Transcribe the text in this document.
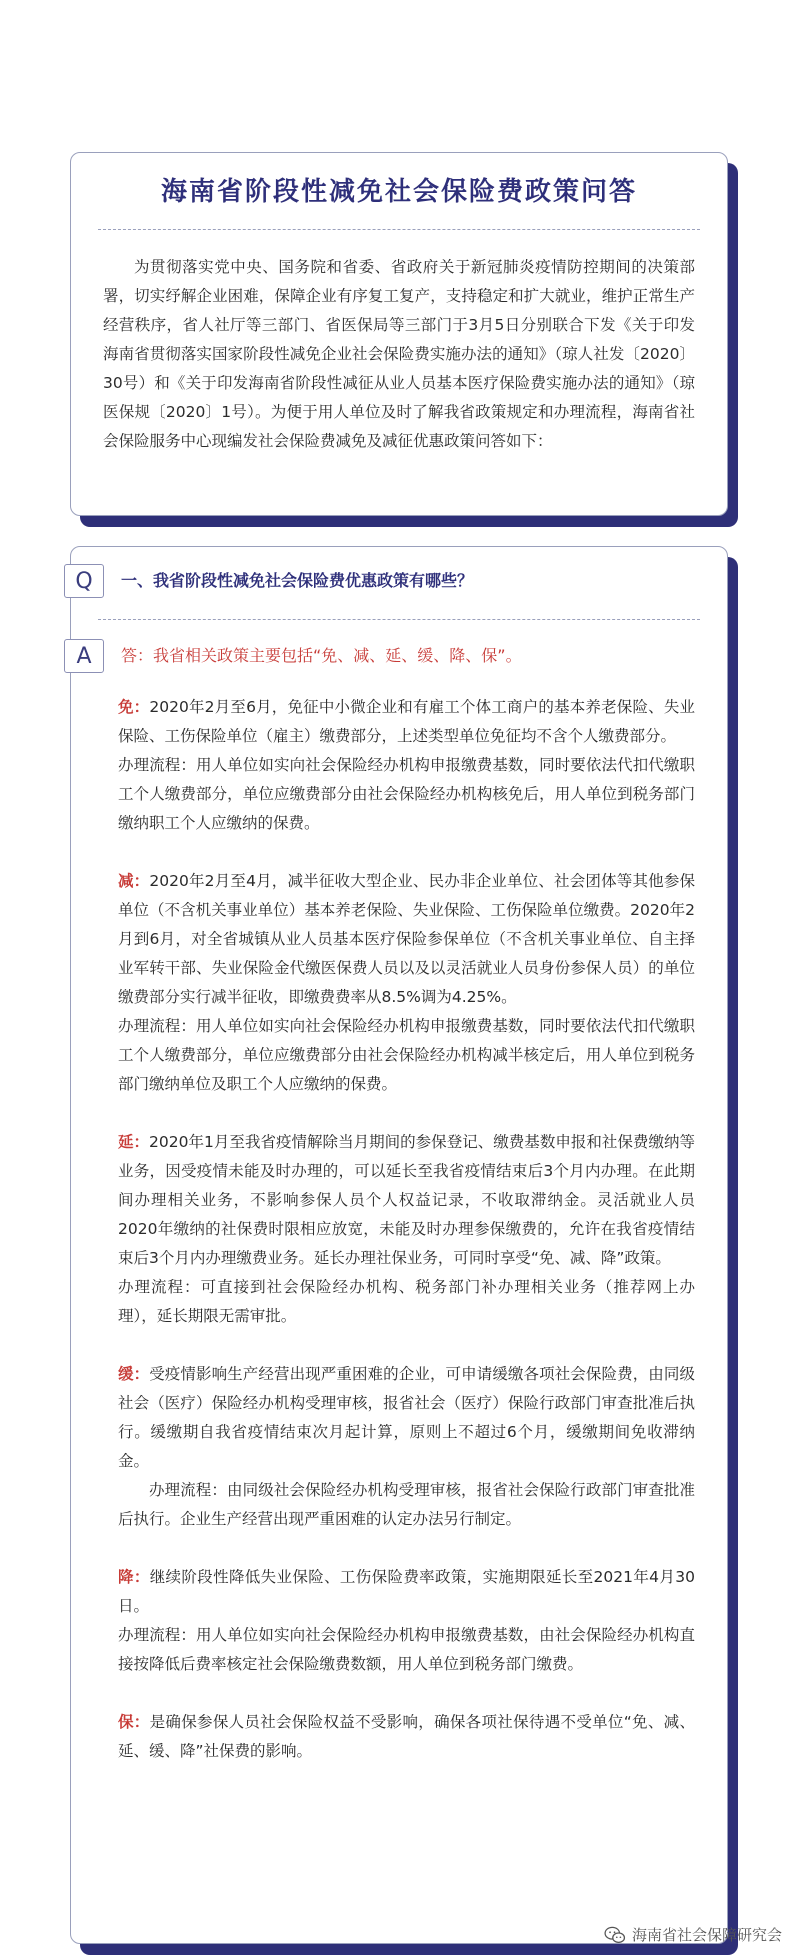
海南省阶段性减免社会保险费政策问答
为贯彻落实党中央、国务院和省委、省政府关于新冠肺炎疫情防控期间的决策部署，切实纾解企业困难，保障企业有序复工复产，支持稳定和扩大就业，维护正常生产经营秩序，省人社厅等三部门、省医保局等三部门于3月5日分别联合下发《关于印发海南省贯彻落实国家阶段性减免企业社会保险费实施办法的通知》（琼人社发〔2020〕30号）和《关于印发海南省阶段性减征从业人员基本医疗保险费实施办法的通知》（琼医保规〔2020〕1号）。为便于用人单位及时了解我省政策规定和办理流程，海南省社会保险服务中心现编发社会保险费减免及减征优惠政策问答如下：
Q	一、我省阶段性减免社会保险费优惠政策有哪些？
A	答：我省相关政策主要包括“免、减、延、缓、降、保”。

免：2020年2月至6月，免征中小微企业和有雇工个体工商户的基本养老保险、失业保险、工伤保险单位（雇主）缴费部分，上述类型单位免征均不含个人缴费部分。

办理流程：用人单位如实向社会保险经办机构申报缴费基数，同时要依法代扣代缴职工个人缴费部分，单位应缴费部分由社会保险经办机构核免后，用人单位到税务部门缴纳职工个人应缴纳的保费。

减：2020年2月至4月，减半征收大型企业、民办非企业单位、社会团体等其他参保单位（不含机关事业单位）基本养老保险、失业保险、工伤保险单位缴费。2020年2月到6月，对全省城镇从业人员基本医疗保险参保单位（不含机关事业单位、自主择业军转干部、失业保险金代缴医保费人员以及以灵活就业人员身份参保人员）的单位缴费部分实行减半征收，即缴费费率从8.5%调为4.25%。

办理流程：用人单位如实向社会保险经办机构申报缴费基数，同时要依法代扣代缴职工个人缴费部分，单位应缴费部分由社会保险经办机构减半核定后，用人单位到税务部门缴纳单位及职工个人应缴纳的保费。

延：2020年1月至我省疫情解除当月期间的参保登记、缴费基数申报和社保费缴纳等业务，因受疫情未能及时办理的，可以延长至我省疫情结束后3个月内办理。在此期间办理相关业务，不影响参保人员个人权益记录，不收取滞纳金。灵活就业人员2020年缴纳的社保费时限相应放宽，未能及时办理参保缴费的，允许在我省疫情结束后3个月内办理缴费业务。延长办理社保业务，可同时享受“免、减、降”政策。

办理流程：可直接到社会保险经办机构、税务部门补办理相关业务（推荐网上办理），延长期限无需审批。

缓：受疫情影响生产经营出现严重困难的企业，可申请缓缴各项社会保险费，由同级社会（医疗）保险经办机构受理审核，报省社会（医疗）保险行政部门审查批准后执行。缓缴期自我省疫情结束次月起计算，原则上不超过6个月，缓缴期间免收滞纳金。

办理流程：由同级社会保险经办机构受理审核，报省社会保险行政部门审查批准后执行。企业生产经营出现严重困难的认定办法另行制定。

降：继续阶段性降低失业保险、工伤保险费率政策，实施期限延长至2021年4月30日。

办理流程：用人单位如实向社会保险经办机构申报缴费基数，由社会保险经办机构直接按降低后费率核定社会保险缴费数额，用人单位到税务部门缴费。

保：是确保参保人员社会保险权益不受影响，确保各项社保待遇不受单位“免、减、延、缓、降”社保费的影响。

海南省社会保障研究会
